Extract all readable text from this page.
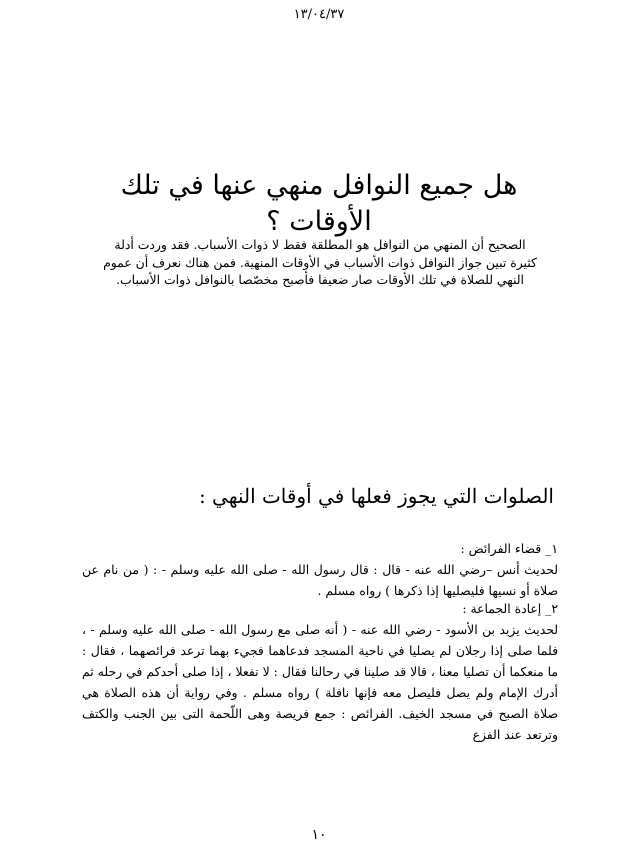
١٣/٠٤/٣٧
هل جميع النوافل منهي عنها في تلك الأوقات ؟
الصحيح أن المنهي من النوافل هو المطلقة فقط لا ذوات الأسباب. فقد وردت أدلة كثيرة تبين جواز النوافل ذوات الأسباب في الأوقات المنهية. فمن هناك نعرف أن عموم النهي للصلاة في تلك الأوقات صار ضعيفا فأصبح مخصّصا بالنوافل ذوات الأسباب.
الصلوات التي يجوز فعلها في أوقات النهي :
١_ قضاء الفرائض :
لحديث أنس –رضي الله عنه - قال : قال رسول الله - صلى الله عليه وسلم - : ( من نام عن صلاة أو نسيها فليصليها إذا ذكرها ) رواه مسلم .
٢_ إعادة الجماعة :
لحديث يزيد بن الأسود - رضي الله عنه - ( أنه صلى مع رسول الله - صلى الله عليه وسلم - ، فلما صلى إذا رجلان لم يصليا في ناحية المسجد فدعاهما فجيء بهما ترعد فرائصهما ، فقال : ما منعكما أن تصليا معنا ، قالا قد صلينا في رحالنا فقال : لا تفعلا ، إذا صلى أحدكم في رحله ثم أدرك الإمام ولم يصل فليصل معه فإنها نافلة ) رواه مسلم . وفي رواية أن هذه الصلاة هي صلاة الصبح في مسجد الخيف. الفرائص : جمع فريصة وهى اللّحمة التى بين الجنب والكتف وترتعد عند الفزع
١٠
